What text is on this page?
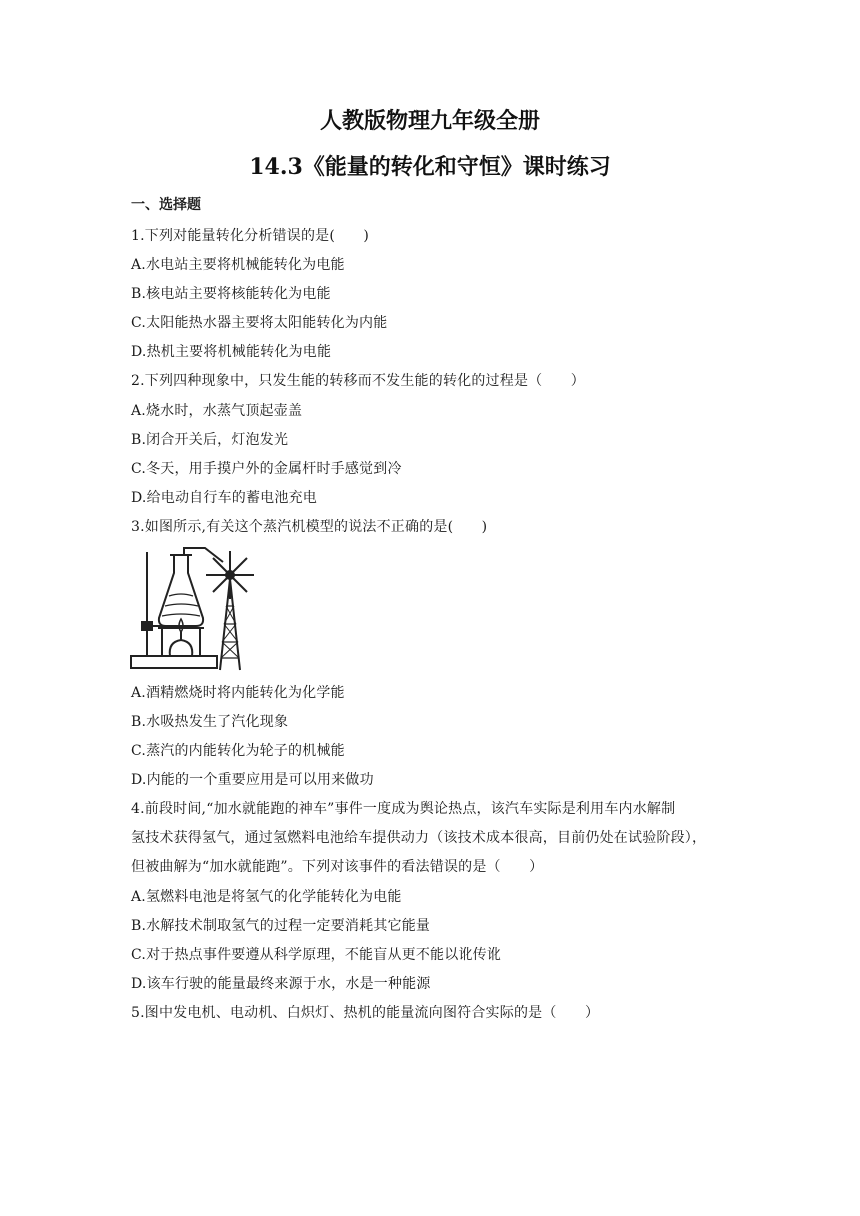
人教版物理九年级全册
14.3《能量的转化和守恒》课时练习
一、选择题
1.下列对能量转化分析错误的是(　　)
A.水电站主要将机械能转化为电能
B.核电站主要将核能转化为电能
C.太阳能热水器主要将太阳能转化为内能
D.热机主要将机械能转化为电能
2.下列四种现象中，只发生能的转移而不发生能的转化的过程是（　　）
A.烧水时，水蒸气顶起壶盖
B.闭合开关后，灯泡发光
C.冬天，用手摸户外的金属杆时手感觉到冷
D.给电动自行车的蓄电池充电
3.如图所示,有关这个蒸汽机模型的说法不正确的是(　　)
A.酒精燃烧时将内能转化为化学能
B.水吸热发生了汽化现象
C.蒸汽的内能转化为轮子的机械能
D.内能的一个重要应用是可以用来做功
4.前段时间,“加水就能跑的神车”事件一度成为舆论热点，该汽车实际是利用车内水解制
氢技术获得氢气，通过氢燃料电池给车提供动力（该技术成本很高，目前仍处在试验阶段），
但被曲解为“加水就能跑”。下列对该事件的看法错误的是（　　）
A.氢燃料电池是将氢气的化学能转化为电能
B.水解技术制取氢气的过程一定要消耗其它能量
C.对于热点事件要遵从科学原理，不能盲从更不能以讹传讹
D.该车行驶的能量最终来源于水，水是一种能源
5.图中发电机、电动机、白炽灯、热机的能量流向图符合实际的是（　　）
